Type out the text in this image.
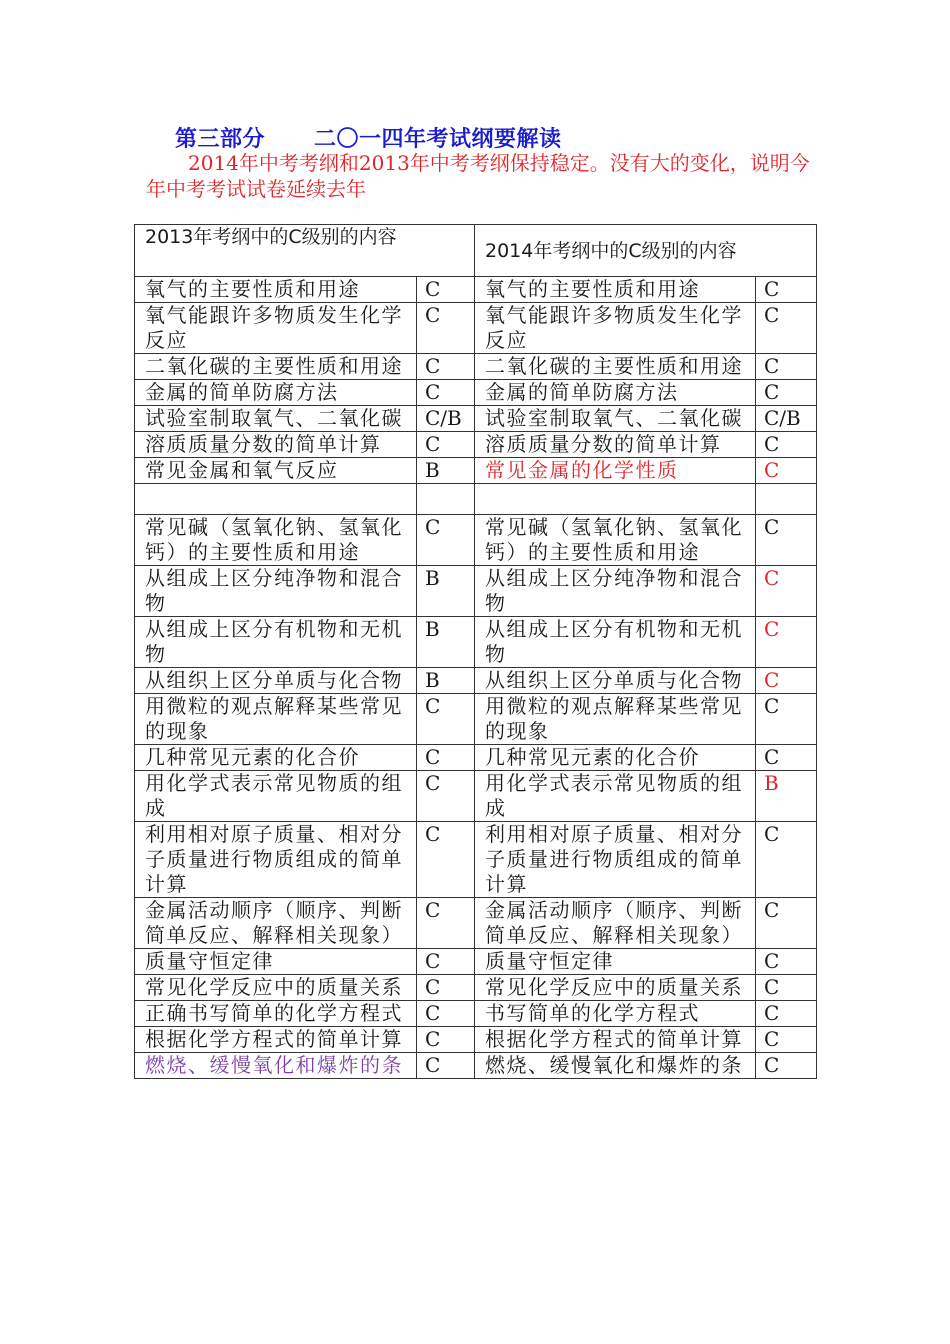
第三部分 二〇一四年考试纲要解读
2014年中考考纲和2013年中考考纲保持稳定。没有大的变化，说明今年中考考试试卷延续去年
2013年考纲中的C级别的内容		2014年考纲中的C级别的内容	
氧气的主要性质和用途	C	氧气的主要性质和用途	C
氧气能跟许多物质发生化学反应	C	氧气能跟许多物质发生化学反应	C
二氧化碳的主要性质和用途	C	二氧化碳的主要性质和用途	C
金属的简单防腐方法	C	金属的简单防腐方法	C
试验室制取氧气、二氧化碳	C/B	试验室制取氧气、二氧化碳	C/B
溶质质量分数的简单计算	C	溶质质量分数的简单计算	C
常见金属和氧气反应	B	常见金属的化学性质	C

常见碱（氢氧化钠、氢氧化钙）的主要性质和用途	C	常见碱（氢氧化钠、氢氧化钙）的主要性质和用途	C
从组成上区分纯净物和混合物	B	从组成上区分纯净物和混合物	C
从组成上区分有机物和无机物	B	从组成上区分有机物和无机物	C
从组织上区分单质与化合物	B	从组织上区分单质与化合物	C
用微粒的观点解释某些常见的现象	C	用微粒的观点解释某些常见的现象	C
几种常见元素的化合价	C	几种常见元素的化合价	C
用化学式表示常见物质的组成	C	用化学式表示常见物质的组成	B
利用相对原子质量、相对分子质量进行物质组成的简单计算	C	利用相对原子质量、相对分子质量进行物质组成的简单计算	C
金属活动顺序（顺序、判断简单反应、解释相关现象）	C	金属活动顺序（顺序、判断简单反应、解释相关现象）	C
质量守恒定律	C	质量守恒定律	C
常见化学反应中的质量关系	C	常见化学反应中的质量关系	C
正确书写简单的化学方程式	C	书写简单的化学方程式	C
根据化学方程式的简单计算	C	根据化学方程式的简单计算	C
燃烧、缓慢氧化和爆炸的条	C	燃烧、缓慢氧化和爆炸的条	C
